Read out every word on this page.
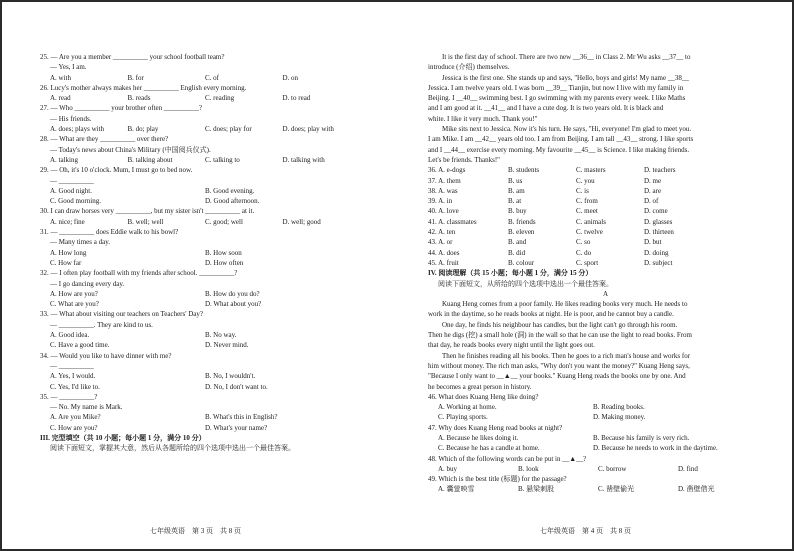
25. — Are you a member __________ your school football team?
— Yes, I am.
A. with	B. for	C. of	D. on
26. Lucy's mother always makes her __________ English every morning.
A. read	B. reads	C. reading	D. to read
27. — Who __________ your brother often __________?
— His friends.
A. does; plays with	B. do; play	C. does; play for	D. does; play with
28. — What are they __________ over there?
— Today's news about China's Military (中国阅兵仪式).
A. talking	B. talking about	C. talking to	D. talking with
29. — Oh, it's 10 o'clock. Mum, I must go to bed now.
— __________
A. Good night.	B. Good evening.
C. Good morning.	D. Good afternoon.
30. I can draw horses very __________, but my sister isn't __________ at it.
A. nice; fine	B. well; well	C. good; well	D. well; good
31. — __________ does Eddie walk to his bowl?
— Many times a day.
A. How long	B. How soon
C. How far	D. How often
32. — I often play football with my friends after school. __________?
— I go dancing every day.
A. How are you?	B. How do you do?
C. What are you?	D. What about you?
33. — What about visiting our teachers on Teachers' Day?
— __________. They are kind to us.
A. Good idea.	B. No way.
C. Have a good time.	D. Never mind.
34. — Would you like to have dinner with me?
— __________
A. Yes, I would.	B. No, I wouldn't.
C. Yes, I'd like to.	D. No, I don't want to.
35. — __________?
— No. My name is Mark.
A. Are you Mike?	B. What's this in English?
C. How are you?	D. What's your name?
III. 完型填空（共 10 小题；每小题 1 分，满分 10 分）
阅读下面短文，掌握其大意，然后从各题所给的四个选项中选出一个最佳答案。
It is the first day of school. There are two new __36__ in Class 2. Mr Wu asks __37__ to
introduce (介绍) themselves.
Jessica is the first one. She stands up and says, "Hello, boys and girls! My name __38__
Jessica. I am twelve years old. I was born __39__ Tianjin, but now I live with my family in
Beijing. I __40__ swimming best. I go swimming with my parents every week. I like Maths
and I am good at it. __41__ and I have a cute dog. It is two years old. It is black and
white. I like it very much. Thank you!"
Mike sits next to Jessica. Now it's his turn. He says, "Hi, everyone! I'm glad to meet you.
I am Mike. I am __42__ years old too. I am from Beijing. I am tall __43__ strong. I like sports
and I __44__ exercise every morning. My favourite __45__ is Science. I like making friends.
Let's be friends. Thanks!"
36. A. e-dogs	B. students	C. masters	D. teachers
37. A. them	B. us	C. you	D. me
38. A. was	B. am	C. is	D. are
39. A. in	B. at	C. from	D. of
40. A. love	B. buy	C. meet	D. come
41. A. classmates	B. friends	C. animals	D. glasses
42. A. ten	B. eleven	C. twelve	D. thirteen
43. A. or	B. and	C. so	D. but
44. A. does	B. did	C. do	D. doing
45. A. fruit	B. colour	C. sport	D. subject
IV. 阅读理解（共 15 小题；每小题 1 分，满分 15 分）
阅读下面短文，从所给的四个选项中选出一个最佳答案。
A
Kuang Heng comes from a poor family. He likes reading books very much. He needs to
work in the daytime, so he reads books at night. He is poor, and he cannot buy a candle.
One day, he finds his neighbour has candles, but the light can't go through his room.
Then he digs (挖) a small hole (洞) in the wall so that he can use the light to read books. From
that day, he reads books every night until the light goes out.
Then he finishes reading all his books. Then he goes to a rich man's house and works for
him without money. The rich man asks, "Why don't you want the money?" Kuang Heng says,
"Because I only want to __▲__ your books." Kuang Heng reads the books one by one. And
he becomes a great person in history.
46. What does Kuang Heng like doing?
A. Working at home.	B. Reading books.
C. Playing sports.	D. Making money.
47. Why does Kuang Heng read books at night?
A. Because he likes doing it.	B. Because his family is very rich.
C. Because he has a candle at home.	D. Because he needs to work in the daytime.
48. Which of the following words can be put in __▲__?
A. buy	B. look	C. borrow	D. find
49. Which is the best title (标题) for the passage?
A. 囊萤映雪	B. 悬梁刺股	C. 凿壁偷光	D. 凿壁借光
七年级英语　第 3 页　共 8 页	七年级英语　第 4 页　共 8 页
